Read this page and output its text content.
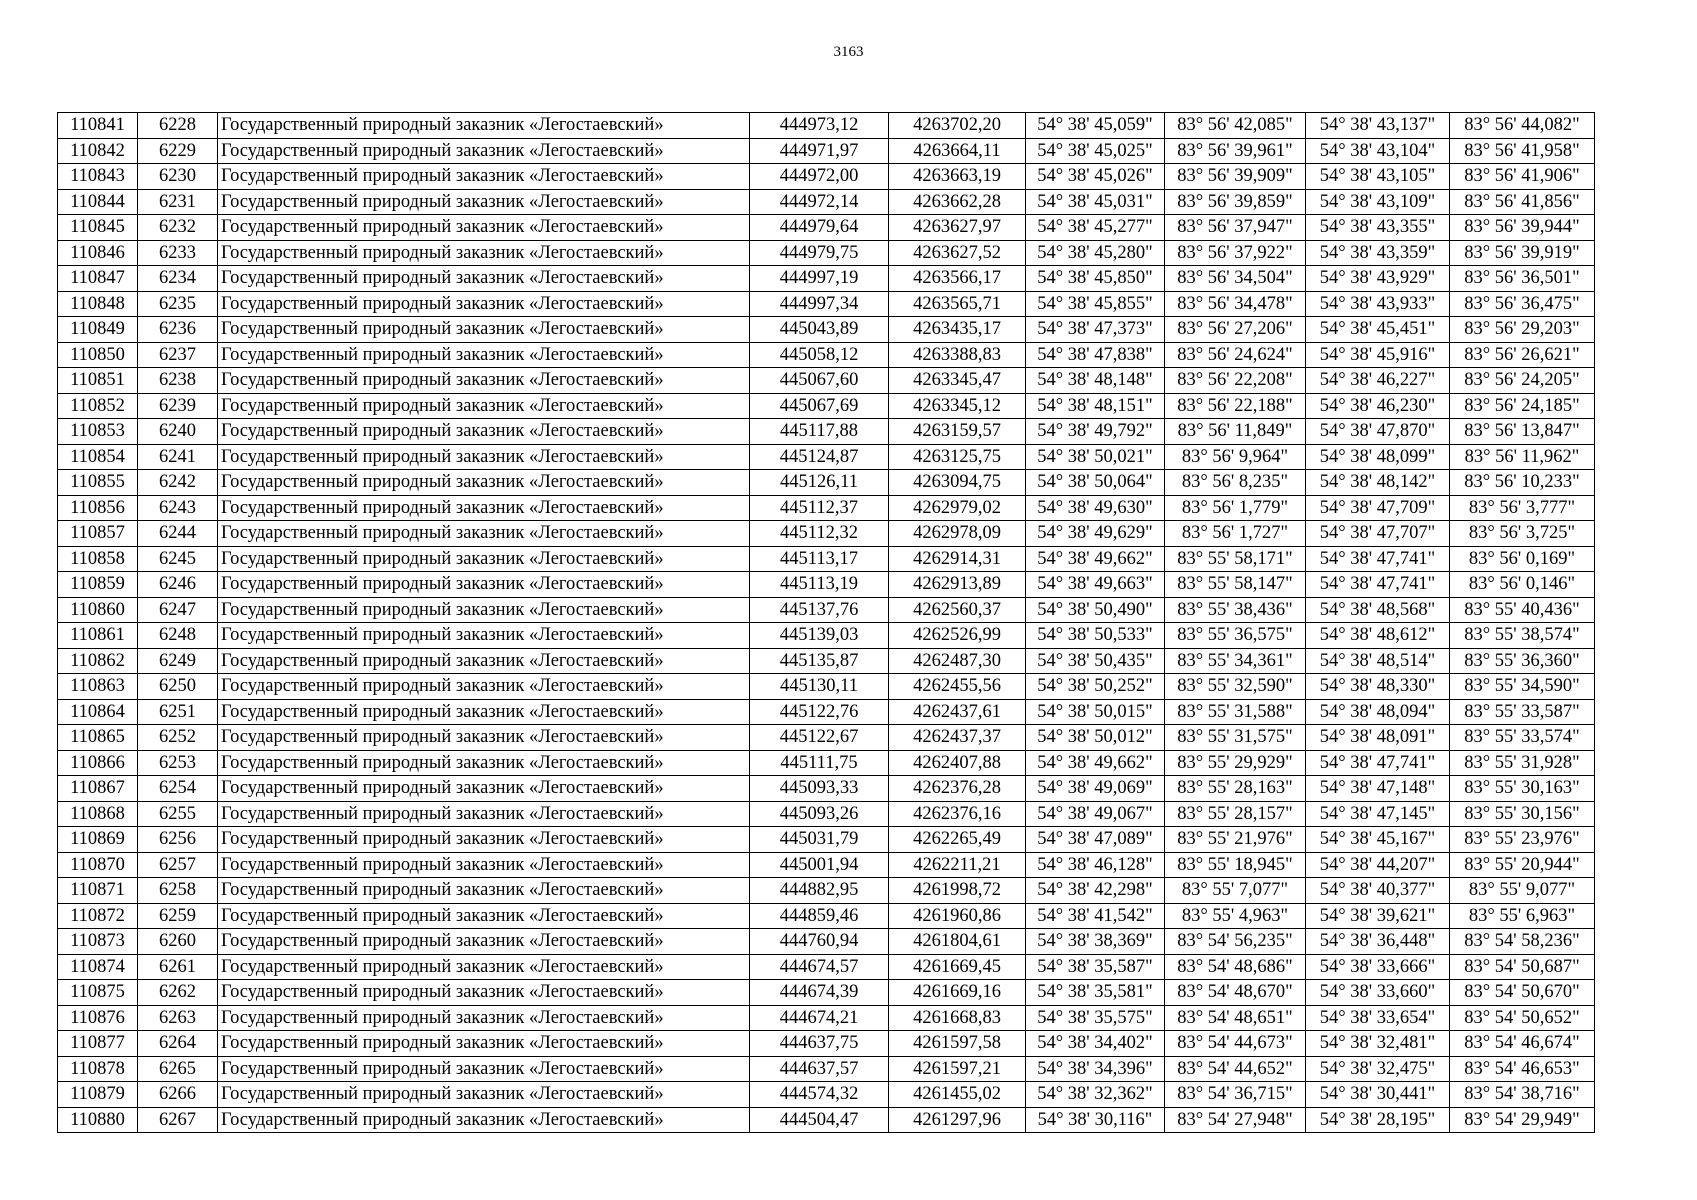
3163
110841	6228	Государственный природный заказник «Легостаевский»	444973,12	4263702,20	54° 38' 45,059"	83° 56' 42,085"	54° 38' 43,137"	83° 56' 44,082"
110842	6229	Государственный природный заказник «Легостаевский»	444971,97	4263664,11	54° 38' 45,025"	83° 56' 39,961"	54° 38' 43,104"	83° 56' 41,958"
110843	6230	Государственный природный заказник «Легостаевский»	444972,00	4263663,19	54° 38' 45,026"	83° 56' 39,909"	54° 38' 43,105"	83° 56' 41,906"
110844	6231	Государственный природный заказник «Легостаевский»	444972,14	4263662,28	54° 38' 45,031"	83° 56' 39,859"	54° 38' 43,109"	83° 56' 41,856"
110845	6232	Государственный природный заказник «Легостаевский»	444979,64	4263627,97	54° 38' 45,277"	83° 56' 37,947"	54° 38' 43,355"	83° 56' 39,944"
110846	6233	Государственный природный заказник «Легостаевский»	444979,75	4263627,52	54° 38' 45,280"	83° 56' 37,922"	54° 38' 43,359"	83° 56' 39,919"
110847	6234	Государственный природный заказник «Легостаевский»	444997,19	4263566,17	54° 38' 45,850"	83° 56' 34,504"	54° 38' 43,929"	83° 56' 36,501"
110848	6235	Государственный природный заказник «Легостаевский»	444997,34	4263565,71	54° 38' 45,855"	83° 56' 34,478"	54° 38' 43,933"	83° 56' 36,475"
110849	6236	Государственный природный заказник «Легостаевский»	445043,89	4263435,17	54° 38' 47,373"	83° 56' 27,206"	54° 38' 45,451"	83° 56' 29,203"
110850	6237	Государственный природный заказник «Легостаевский»	445058,12	4263388,83	54° 38' 47,838"	83° 56' 24,624"	54° 38' 45,916"	83° 56' 26,621"
110851	6238	Государственный природный заказник «Легостаевский»	445067,60	4263345,47	54° 38' 48,148"	83° 56' 22,208"	54° 38' 46,227"	83° 56' 24,205"
110852	6239	Государственный природный заказник «Легостаевский»	445067,69	4263345,12	54° 38' 48,151"	83° 56' 22,188"	54° 38' 46,230"	83° 56' 24,185"
110853	6240	Государственный природный заказник «Легостаевский»	445117,88	4263159,57	54° 38' 49,792"	83° 56' 11,849"	54° 38' 47,870"	83° 56' 13,847"
110854	6241	Государственный природный заказник «Легостаевский»	445124,87	4263125,75	54° 38' 50,021"	83° 56' 9,964"	54° 38' 48,099"	83° 56' 11,962"
110855	6242	Государственный природный заказник «Легостаевский»	445126,11	4263094,75	54° 38' 50,064"	83° 56' 8,235"	54° 38' 48,142"	83° 56' 10,233"
110856	6243	Государственный природный заказник «Легостаевский»	445112,37	4262979,02	54° 38' 49,630"	83° 56' 1,779"	54° 38' 47,709"	83° 56' 3,777"
110857	6244	Государственный природный заказник «Легостаевский»	445112,32	4262978,09	54° 38' 49,629"	83° 56' 1,727"	54° 38' 47,707"	83° 56' 3,725"
110858	6245	Государственный природный заказник «Легостаевский»	445113,17	4262914,31	54° 38' 49,662"	83° 55' 58,171"	54° 38' 47,741"	83° 56' 0,169"
110859	6246	Государственный природный заказник «Легостаевский»	445113,19	4262913,89	54° 38' 49,663"	83° 55' 58,147"	54° 38' 47,741"	83° 56' 0,146"
110860	6247	Государственный природный заказник «Легостаевский»	445137,76	4262560,37	54° 38' 50,490"	83° 55' 38,436"	54° 38' 48,568"	83° 55' 40,436"
110861	6248	Государственный природный заказник «Легостаевский»	445139,03	4262526,99	54° 38' 50,533"	83° 55' 36,575"	54° 38' 48,612"	83° 55' 38,574"
110862	6249	Государственный природный заказник «Легостаевский»	445135,87	4262487,30	54° 38' 50,435"	83° 55' 34,361"	54° 38' 48,514"	83° 55' 36,360"
110863	6250	Государственный природный заказник «Легостаевский»	445130,11	4262455,56	54° 38' 50,252"	83° 55' 32,590"	54° 38' 48,330"	83° 55' 34,590"
110864	6251	Государственный природный заказник «Легостаевский»	445122,76	4262437,61	54° 38' 50,015"	83° 55' 31,588"	54° 38' 48,094"	83° 55' 33,587"
110865	6252	Государственный природный заказник «Легостаевский»	445122,67	4262437,37	54° 38' 50,012"	83° 55' 31,575"	54° 38' 48,091"	83° 55' 33,574"
110866	6253	Государственный природный заказник «Легостаевский»	445111,75	4262407,88	54° 38' 49,662"	83° 55' 29,929"	54° 38' 47,741"	83° 55' 31,928"
110867	6254	Государственный природный заказник «Легостаевский»	445093,33	4262376,28	54° 38' 49,069"	83° 55' 28,163"	54° 38' 47,148"	83° 55' 30,163"
110868	6255	Государственный природный заказник «Легостаевский»	445093,26	4262376,16	54° 38' 49,067"	83° 55' 28,157"	54° 38' 47,145"	83° 55' 30,156"
110869	6256	Государственный природный заказник «Легостаевский»	445031,79	4262265,49	54° 38' 47,089"	83° 55' 21,976"	54° 38' 45,167"	83° 55' 23,976"
110870	6257	Государственный природный заказник «Легостаевский»	445001,94	4262211,21	54° 38' 46,128"	83° 55' 18,945"	54° 38' 44,207"	83° 55' 20,944"
110871	6258	Государственный природный заказник «Легостаевский»	444882,95	4261998,72	54° 38' 42,298"	83° 55' 7,077"	54° 38' 40,377"	83° 55' 9,077"
110872	6259	Государственный природный заказник «Легостаевский»	444859,46	4261960,86	54° 38' 41,542"	83° 55' 4,963"	54° 38' 39,621"	83° 55' 6,963"
110873	6260	Государственный природный заказник «Легостаевский»	444760,94	4261804,61	54° 38' 38,369"	83° 54' 56,235"	54° 38' 36,448"	83° 54' 58,236"
110874	6261	Государственный природный заказник «Легостаевский»	444674,57	4261669,45	54° 38' 35,587"	83° 54' 48,686"	54° 38' 33,666"	83° 54' 50,687"
110875	6262	Государственный природный заказник «Легостаевский»	444674,39	4261669,16	54° 38' 35,581"	83° 54' 48,670"	54° 38' 33,660"	83° 54' 50,670"
110876	6263	Государственный природный заказник «Легостаевский»	444674,21	4261668,83	54° 38' 35,575"	83° 54' 48,651"	54° 38' 33,654"	83° 54' 50,652"
110877	6264	Государственный природный заказник «Легостаевский»	444637,75	4261597,58	54° 38' 34,402"	83° 54' 44,673"	54° 38' 32,481"	83° 54' 46,674"
110878	6265	Государственный природный заказник «Легостаевский»	444637,57	4261597,21	54° 38' 34,396"	83° 54' 44,652"	54° 38' 32,475"	83° 54' 46,653"
110879	6266	Государственный природный заказник «Легостаевский»	444574,32	4261455,02	54° 38' 32,362"	83° 54' 36,715"	54° 38' 30,441"	83° 54' 38,716"
110880	6267	Государственный природный заказник «Легостаевский»	444504,47	4261297,96	54° 38' 30,116"	83° 54' 27,948"	54° 38' 28,195"	83° 54' 29,949"
